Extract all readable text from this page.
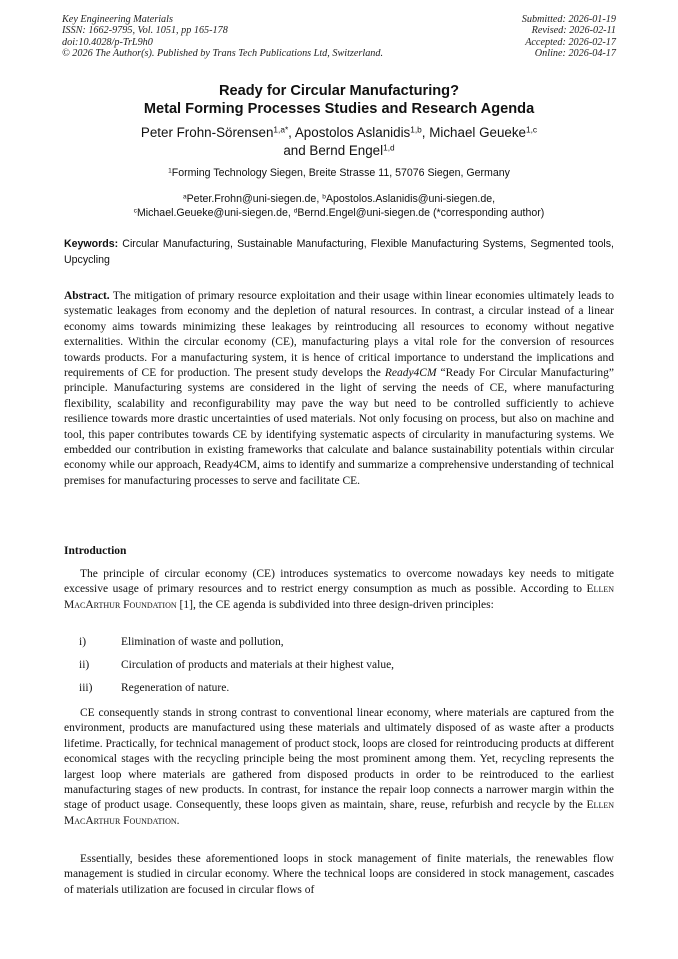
Key Engineering Materials
ISSN: 1662-9795, Vol. 1051, pp 165-178
doi:10.4028/p-TrL9h0
© 2026 The Author(s). Published by Trans Tech Publications Ltd, Switzerland.
Submitted: 2026-01-19
Revised: 2026-02-11
Accepted: 2026-02-17
Online: 2026-04-17
Ready for Circular Manufacturing?
Metal Forming Processes Studies and Research Agenda
Peter Frohn-Sörensen$^{1,a*}$, Apostolos Aslanidis$^{1,b}$, Michael Geueke$^{1,c}$
and Bernd Engel$^{1,d}$
$^1$Forming Technology Siegen, Breite Strasse 11, 57076 Siegen, Germany
$^a$Peter.Frohn@uni-siegen.de, $^b$Apostolos.Aslanidis@uni-siegen.de,
$^c$Michael.Geueke@uni-siegen.de, $^d$Bernd.Engel@uni-siegen.de (*corresponding author)
Keywords: Circular Manufacturing, Sustainable Manufacturing, Flexible Manufacturing Systems, Segmented tools, Upcycling
Abstract. The mitigation of primary resource exploitation and their usage within linear economies ultimately leads to systematic leakages from economy and the depletion of natural resources. In contrast, a circular instead of a linear economy aims towards minimizing these leakages by reintroducing all resources to economy without negative externalities. Within the circular economy (CE), manufacturing plays a vital role for the conversion of resources towards products. For a manufacturing system, it is hence of critical importance to understand the implications and requirements of CE for production. The present study develops the Ready4CM “Ready For Circular Manufacturing” principle. Manufacturing systems are considered in the light of serving the needs of CE, where manufacturing flexibility, scalability and reconfigurability may pave the way but need to be controlled sufficiently to achieve resilience towards more drastic uncertainties of used materials. Not only focusing on process, but also on machine and tool, this paper contributes towards CE by identifying systematic aspects of circularity in manufacturing systems. We embedded our contribution in existing frameworks that calculate and balance sustainability potentials within circular economy while our approach, Ready4CM, aims to identify and summarize a comprehensive understanding of technical premises for manufacturing processes to serve and facilitate CE.
Introduction
The principle of circular economy (CE) introduces systematics to overcome nowadays key needs to mitigate excessive usage of primary resources and to restrict energy consumption as much as possible. According to Ellen MacArthur Foundation [1], the CE agenda is subdivided into three design-driven principles:
i)	Elimination of waste and pollution,
ii)	Circulation of products and materials at their highest value,
iii) Regeneration of nature.
CE consequently stands in strong contrast to conventional linear economy, where materials are captured from the environment, products are manufactured using these materials and ultimately disposed of as waste after a products lifetime. Practically, for technical management of product stock, loops are closed for reintroducing products at different economical stages with the recycling principle being the most prominent among them. Yet, recycling represents the largest loop where materials are gathered from disposed products in order to be reintroduced to the earliest manufacturing stages of new products. In contrast, for instance the repair loop connects a narrower margin within the stage of product usage. Consequently, these loops given as maintain, share, reuse, refurbish and recycle by the Ellen MacArthur Foundation.
Essentially, besides these aforementioned loops in stock management of finite materials, the renewables flow management is studied in circular economy. Where the technical loops are considered in stock management, cascades of materials utilization are focused in circular flows of
